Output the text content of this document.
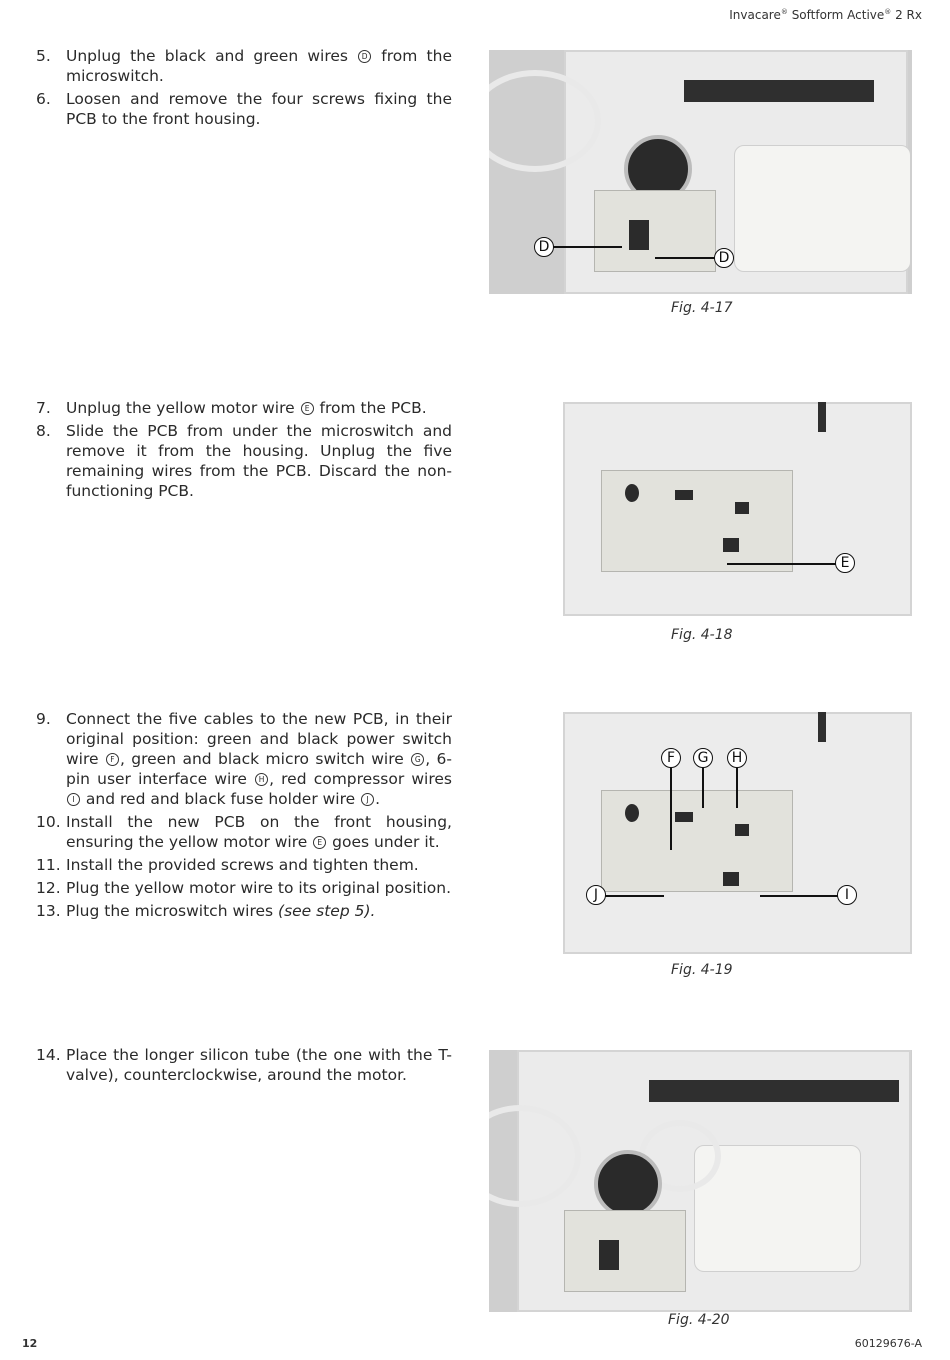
Invacare® Softform Active® 2 Rx
5. Unplug the black and green wires D from the microswitch.
6. Loosen and remove the four screws fixing the PCB to the front housing.
D
D
Fig. 4-17
7. Unplug the yellow motor wire E from the PCB.
8. Slide the PCB from under the microswitch and remove it from the housing. Unplug the five remaining wires from the PCB. Discard the non-functioning PCB.
E
Fig. 4-18
9. Connect the five cables to the new PCB, in their original position: green and black power switch wire F , green and black micro switch wire G , 6-pin user interface wire H , red compressor wires I and red and black fuse holder wire J .
10. Install the new PCB on the front housing, ensuring the yellow motor wire E goes under it.
11. Install the provided screws and tighten them.
12. Plug the yellow motor wire to its original position.
13. Plug the microswitch wires (see step 5).
F	G	H
J	I
Fig. 4-19
14. Place the longer silicon tube (the one with the T-valve), counterclockwise, around the motor.
Fig. 4-20
12	60129676-A
